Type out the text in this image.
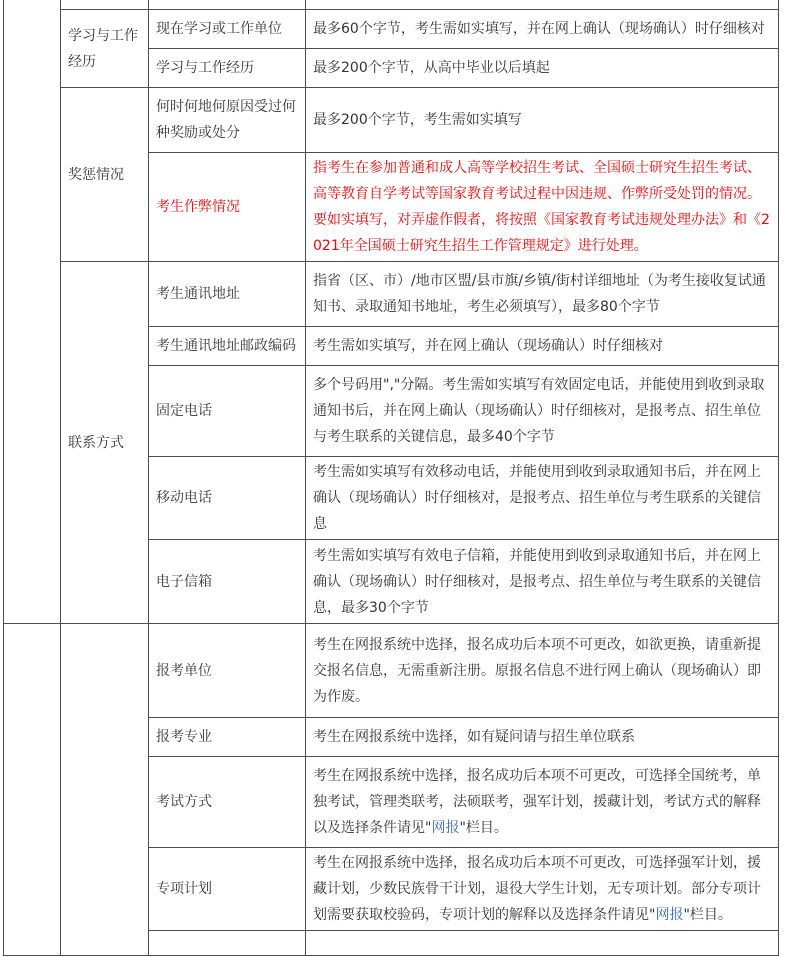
	学习与工作经历	现在学习或工作单位	最多60个字节，考生需如实填写，并在网上确认（现场确认）时仔细核对
		学习与工作经历	最多200个字节，从高中毕业以后填起
	奖惩情况	何时何地何原因受过何种奖励或处分	最多200个字节，考生需如实填写
		考生作弊情况	指考生在参加普通和成人高等学校招生考试、全国硕士研究生招生考试、高等教育自学考试等国家教育考试过程中因违规、作弊所受处罚的情况。要如实填写，对弄虚作假者，将按照《国家教育考试违规处理办法》和《2021年全国硕士研究生招生工作管理规定》进行处理。
	联系方式	考生通讯地址	指省（区、市）/地市区盟/县市旗/乡镇/街村详细地址（为考生接收复试通知书、录取通知书地址，考生必须填写），最多80个字节
		考生通讯地址邮政编码	考生需如实填写，并在网上确认（现场确认）时仔细核对
		固定电话	多个号码用","分隔。考生需如实填写有效固定电话，并能使用到收到录取通知书后，并在网上确认（现场确认）时仔细核对，是报考点、招生单位与考生联系的关键信息，最多40个字节
		移动电话	考生需如实填写有效移动电话，并能使用到收到录取通知书后，并在网上确认（现场确认）时仔细核对，是报考点、招生单位与考生联系的关键信息
		电子信箱	考生需如实填写有效电子信箱，并能使用到收到录取通知书后，并在网上确认（现场确认）时仔细核对，是报考点、招生单位与考生联系的关键信息，最多30个字节
		报考单位	考生在网报系统中选择，报名成功后本项不可更改，如欲更换，请重新提交报名信息，无需重新注册。原报名信息不进行网上确认（现场确认）即为作废。
		报考专业	考生在网报系统中选择，如有疑问请与招生单位联系
		考试方式	考生在网报系统中选择，报名成功后本项不可更改，可选择全国统考，单独考试，管理类联考，法硕联考，强军计划，援藏计划，考试方式的解释以及选择条件请见"网报"栏目。
		专项计划	考生在网报系统中选择，报名成功后本项不可更改，可选择强军计划，援藏计划，少数民族骨干计划，退役大学生计划，无专项计划。部分专项计划需要获取校验码，专项计划的解释以及选择条件请见"网报"栏目。
